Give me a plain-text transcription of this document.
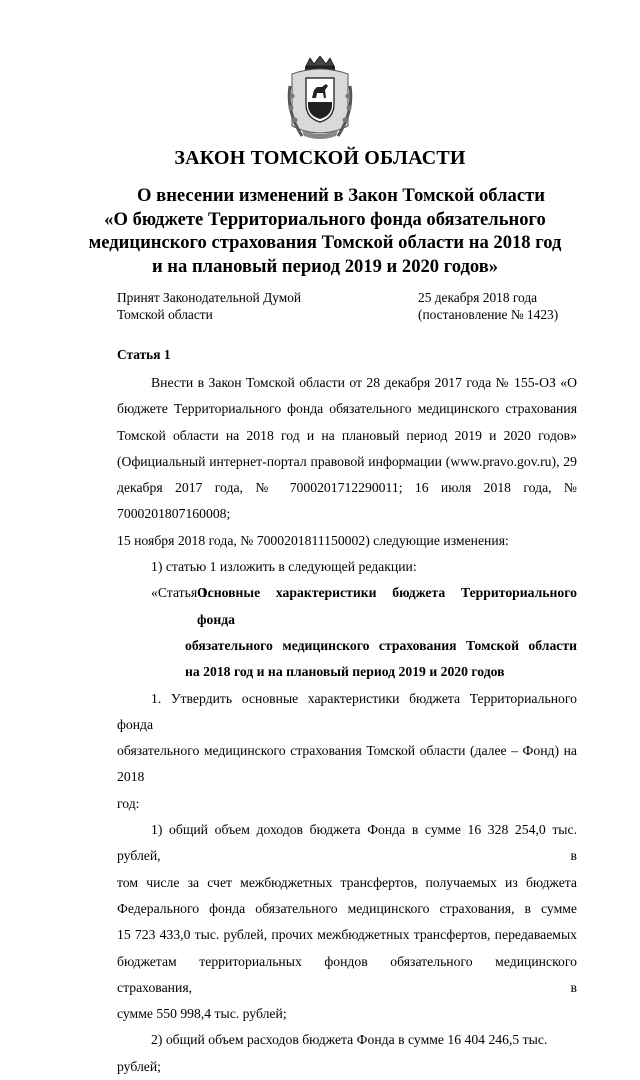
ЗАКОН ТОМСКОЙ ОБЛАСТИ
О внесении изменений в Закон Томской области
«О бюджете Территориального фонда обязательного
медицинского страхования Томской области на 2018 год
и на плановый период 2019 и 2020 годов»
Принят Законодательной Думой
Томской области
25 декабря 2018 года
(постановление № 1423)

Статья 1

Внести в Закон Томской области от 28 декабря 2017 года № 155-ОЗ «О

бюджете Территориального фонда обязательного медицинского страхования

Томской области на 2018 год и на плановый период 2019 и 2020 годов»

(Официальный интернет-портал правовой информации (www.pravo.gov.ru), 29

декабря 2017 года, № 7000201712290011; 16 июля 2018 года, № 7000201807160008;

15 ноября 2018 года, № 7000201811150002) следующие изменения:

1) статью 1 изложить в следующей редакции:

«Статья 1.

Основные характеристики бюджета Территориального фонда

обязательного медицинского страхования Томской области

на 2018 год и на плановый период 2019 и 2020 годов

1. Утвердить основные характеристики бюджета Территориального фонда

обязательного медицинского страхования Томской области (далее – Фонд) на 2018

год:

1) общий объем доходов бюджета Фонда в сумме 16 328 254,0 тыс. рублей, в

том числе за счет межбюджетных трансфертов, получаемых из бюджета

Федерального фонда обязательного медицинского страхования, в сумме

15 723 433,0 тыс. рублей, прочих межбюджетных трансфертов, передаваемых

бюджетам территориальных фондов обязательного медицинского страхования, в

сумме 550 998,4 тыс. рублей;

2) общий объем расходов бюджета Фонда в сумме 16 404 246,5 тыс. рублей;
